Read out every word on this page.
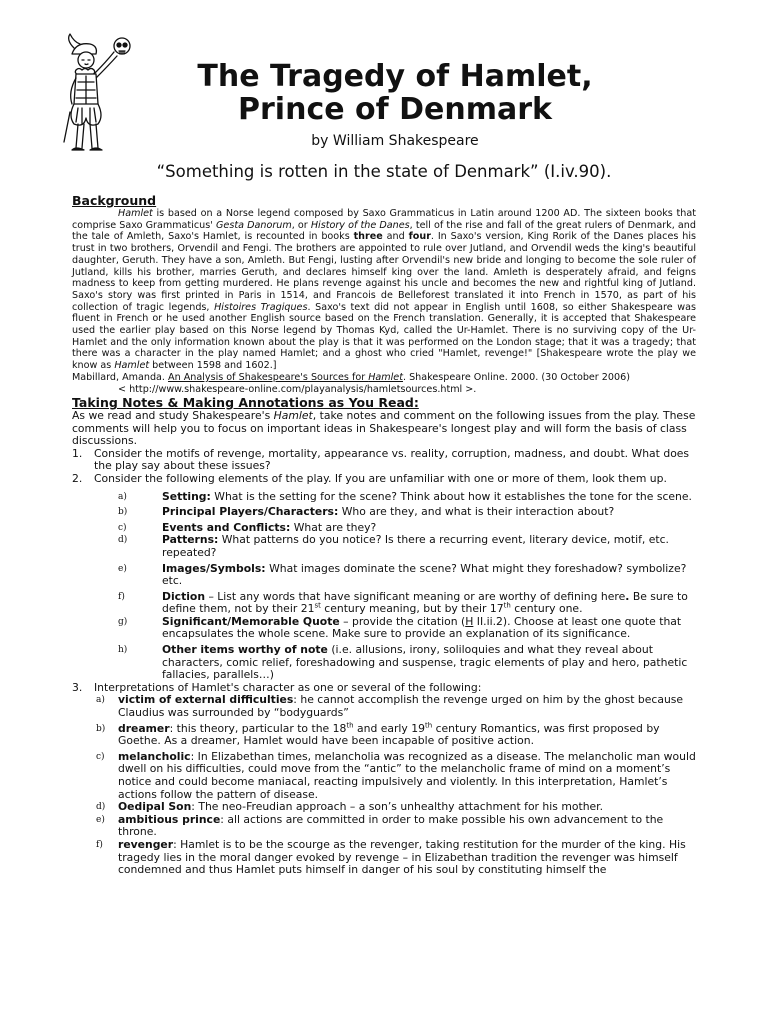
The Tragedy of Hamlet, Prince of Denmark
by William Shakespeare
“Something is rotten in the state of Denmark” (I.iv.90).

Background

Hamlet is based on a Norse legend composed by Saxo Grammaticus in Latin around 1200 AD. The sixteen books that comprise Saxo Grammaticus' Gesta Danorum, or History of the Danes, tell of the rise and fall of the great rulers of Denmark, and the tale of Amleth, Saxo's Hamlet, is recounted in books three and four. In Saxo's version, King Rorik of the Danes places his trust in two brothers, Orvendil and Fengi. The brothers are appointed to rule over Jutland, and Orvendil weds the king's beautiful daughter, Geruth. They have a son, Amleth. But Fengi, lusting after Orvendil's new bride and longing to become the sole ruler of Jutland, kills his brother, marries Geruth, and declares himself king over the land. Amleth is desperately afraid, and feigns madness to keep from getting murdered. He plans revenge against his uncle and becomes the new and rightful king of Jutland. Saxo's story was first printed in Paris in 1514, and Francois de Belleforest translated it into French in 1570, as part of his collection of tragic legends, Histoires Tragiques. Saxo's text did not appear in English until 1608, so either Shakespeare was fluent in French or he used another English source based on the French translation. Generally, it is accepted that Shakespeare used the earlier play based on this Norse legend by Thomas Kyd, called the Ur-Hamlet. There is no surviving copy of the Ur-Hamlet and the only information known about the play is that it was performed on the London stage; that it was a tragedy; that there was a character in the play named Hamlet; and a ghost who cried "Hamlet, revenge!" [Shakespeare wrote the play we know as Hamlet between 1598 and 1602.]

Mabillard, Amanda. An Analysis of Shakespeare's Sources for Hamlet. Shakespeare Online. 2000. (30 October 2006)

< http://www.shakespeare-online.com/playanalysis/hamletsources.html >.

Taking Notes & Making Annotations as You Read:

As we read and study Shakespeare's Hamlet, take notes and comment on the following issues from the play. These comments will help you to focus on important ideas in Shakespeare's longest play and will form the basis of class discussions.

1. Consider the motifs of revenge, mortality, appearance vs. reality, corruption, madness, and doubt. What does the play say about these issues?

2. Consider the following elements of the play. If you are unfamiliar with one or more of them, look them up.

a)	Setting: What is the setting for the scene? Think about how it establishes the tone for the scene.

b)	Principal Players/Characters: Who are they, and what is their interaction about?

c)	Events and Conflicts: What are they?

d)	Patterns: What patterns do you notice? Is there a recurring event, literary device, motif, etc. repeated?

e)	Images/Symbols: What images dominate the scene? What might they foreshadow? symbolize? etc.

f)	Diction – List any words that have significant meaning or are worthy of defining here. Be sure to define them, not by their 21st century meaning, but by their 17th century one.

g)	Significant/Memorable Quote – provide the citation (H II.ii.2). Choose at least one quote that encapsulates the whole scene. Make sure to provide an explanation of its significance.

h)	Other items worthy of note (i.e. allusions, irony, soliloquies and what they reveal about characters, comic relief, foreshadowing and suspense, tragic elements of play and hero, pathetic fallacies, parallels…)

3. Interpretations of Hamlet's character as one or several of the following:

a) victim of external difficulties: he cannot accomplish the revenge urged on him by the ghost because Claudius was surrounded by “bodyguards”

b) dreamer: this theory, particular to the 18th and early 19th century Romantics, was first proposed by Goethe. As a dreamer, Hamlet would have been incapable of positive action.

c) melancholic: In Elizabethan times, melancholia was recognized as a disease. The melancholic man would dwell on his difficulties, could move from the “antic” to the melancholic frame of mind on a moment’s notice and could become maniacal, reacting impulsively and violently. In this interpretation, Hamlet’s actions follow the pattern of disease.

d) Oedipal Son: The neo-Freudian approach – a son’s unhealthy attachment for his mother.

e) ambitious prince: all actions are committed in order to make possible his own advancement to the throne.

f) revenger: Hamlet is to be the scourge as the revenger, taking restitution for the murder of the king. His tragedy lies in the moral danger evoked by revenge – in Elizabethan tradition the revenger was himself condemned and thus Hamlet puts himself in danger of his soul by constituting himself the
